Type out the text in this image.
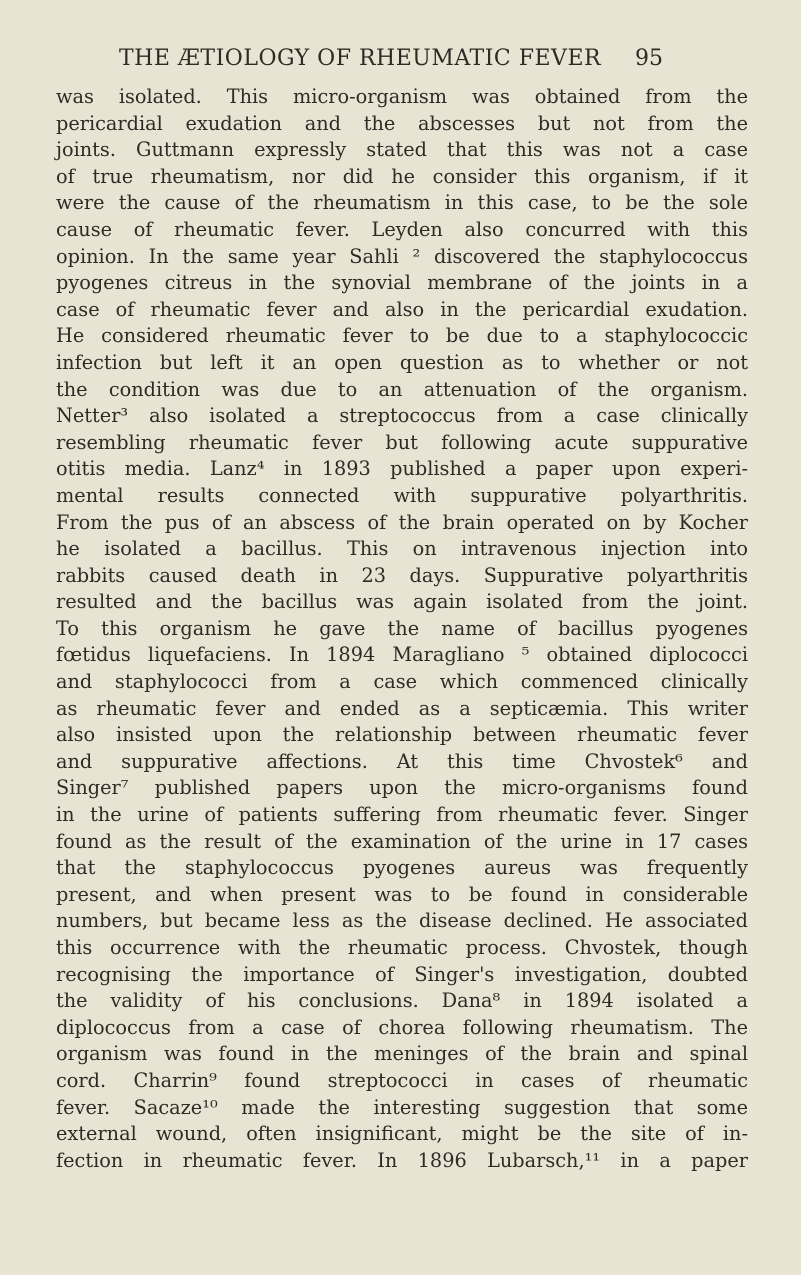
THE ÆTIOLOGY OF RHEUMATIC FEVER 95
was isolated. This micro-organism was obtained from the
pericardial exudation and the abscesses but not from the
joints. Guttmann expressly stated that this was not a case
of true rheumatism, nor did he consider this organism, if it
were the cause of the rheumatism in this case, to be the sole
cause of rheumatic fever. Leyden also concurred with this
opinion. In the same year Sahli ² discovered the staphylococcus
pyogenes citreus in the synovial membrane of the joints in a
case of rheumatic fever and also in the pericardial exudation.
He considered rheumatic fever to be due to a staphylococcic
infection but left it an open question as to whether or not
the condition was due to an attenuation of the organism.
Netter³ also isolated a streptococcus from a case clinically
resembling rheumatic fever but following acute suppurative
otitis media. Lanz⁴ in 1893 published a paper upon experi-
mental results connected with suppurative polyarthritis.
From the pus of an abscess of the brain operated on by Kocher
he isolated a bacillus. This on intravenous injection into
rabbits caused death in 23 days. Suppurative polyarthritis
resulted and the bacillus was again isolated from the joint.
To this organism he gave the name of bacillus pyogenes
fœtidus liquefaciens. In 1894 Maragliano ⁵ obtained diplococci
and staphylococci from a case which commenced clinically
as rheumatic fever and ended as a septicæmia. This writer
also insisted upon the relationship between rheumatic fever
and suppurative affections. At this time Chvostek⁶ and
Singer⁷ published papers upon the micro-organisms found
in the urine of patients suffering from rheumatic fever. Singer
found as the result of the examination of the urine in 17 cases
that the staphylococcus pyogenes aureus was frequently
present, and when present was to be found in considerable
numbers, but became less as the disease declined. He associated
this occurrence with the rheumatic process. Chvostek, though
recognising the importance of Singer's investigation, doubted
the validity of his conclusions. Dana⁸ in 1894 isolated a
diplococcus from a case of chorea following rheumatism. The
organism was found in the meninges of the brain and spinal
cord. Charrin⁹ found streptococci in cases of rheumatic
fever. Sacaze¹⁰ made the interesting suggestion that some
external wound, often insignificant, might be the site of in-
fection in rheumatic fever. In 1896 Lubarsch,¹¹ in a paper
